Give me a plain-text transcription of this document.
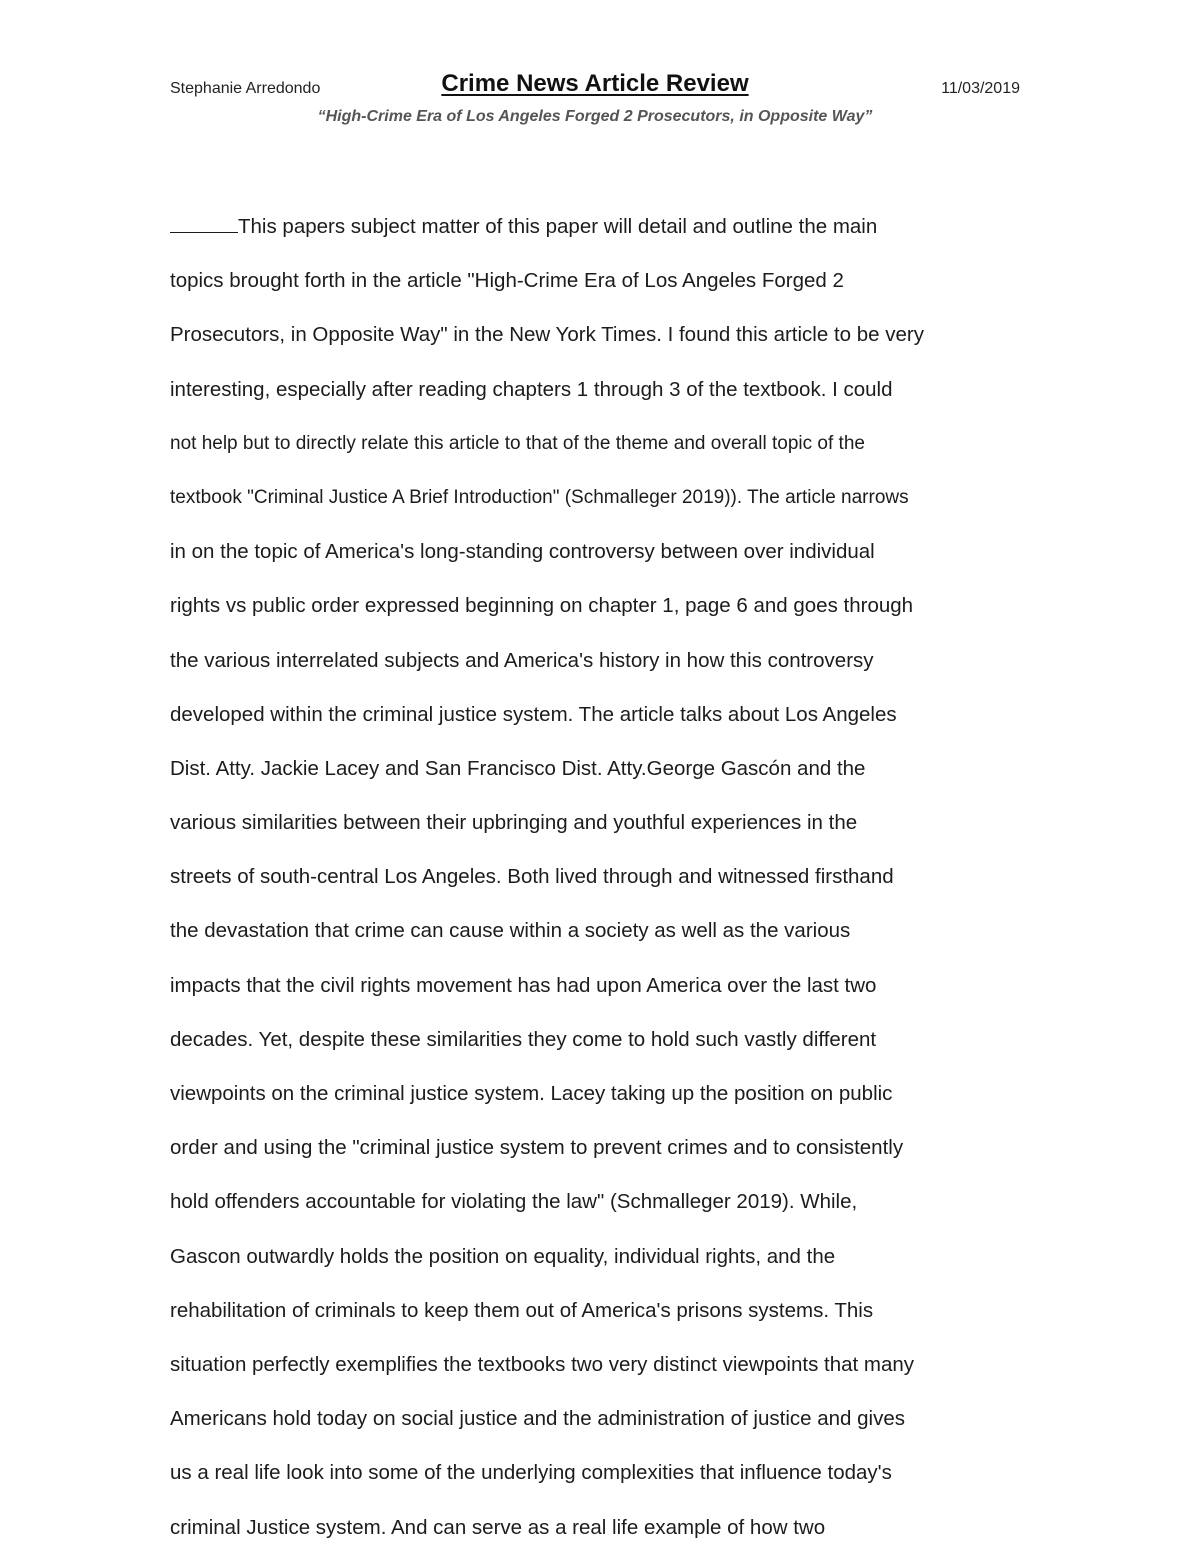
Stephanie Arredondo	Crime News Article Review	11/03/2019
“High-Crime Era of Los Angeles Forged 2 Prosecutors, in Opposite Way”
This papers subject matter of this paper will detail and outline the main
topics brought forth in the article "High-Crime Era of Los Angeles Forged 2
Prosecutors, in Opposite Way" in the New York Times. I found this article to be very
interesting, especially after reading chapters 1 through 3 of the textbook. I could
not help but to directly relate this article to that of the theme and overall topic of the
textbook "Criminal Justice A Brief Introduction" (Schmalleger 2019)). The article narrows
in on the topic of America's long-standing controversy between over individual
rights vs public order expressed beginning on chapter 1, page 6 and goes through
the various interrelated subjects and America's history in how this controversy
developed within the criminal justice system. The article talks about Los Angeles
Dist. Atty. Jackie Lacey and San Francisco Dist. Atty.George Gascón and the
various similarities between their upbringing and youthful experiences in the
streets of south-central Los Angeles. Both lived through and witnessed firsthand
the devastation that crime can cause within a society as well as the various
impacts that the civil rights movement has had upon America over the last two
decades. Yet, despite these similarities they come to hold such vastly different
viewpoints on the criminal justice system. Lacey taking up the position on public
order and using the "criminal justice system to prevent crimes and to consistently
hold offenders accountable for violating the law" (Schmalleger 2019). While,
Gascon outwardly holds the position on equality, individual rights, and the
rehabilitation of criminals to keep them out of America's prisons systems. This
situation perfectly exemplifies the textbooks two very distinct viewpoints that many
Americans hold today on social justice and the administration of justice and gives
us a real life look into some of the underlying complexities that influence today's
criminal Justice system. And can serve as a real life example of how two
